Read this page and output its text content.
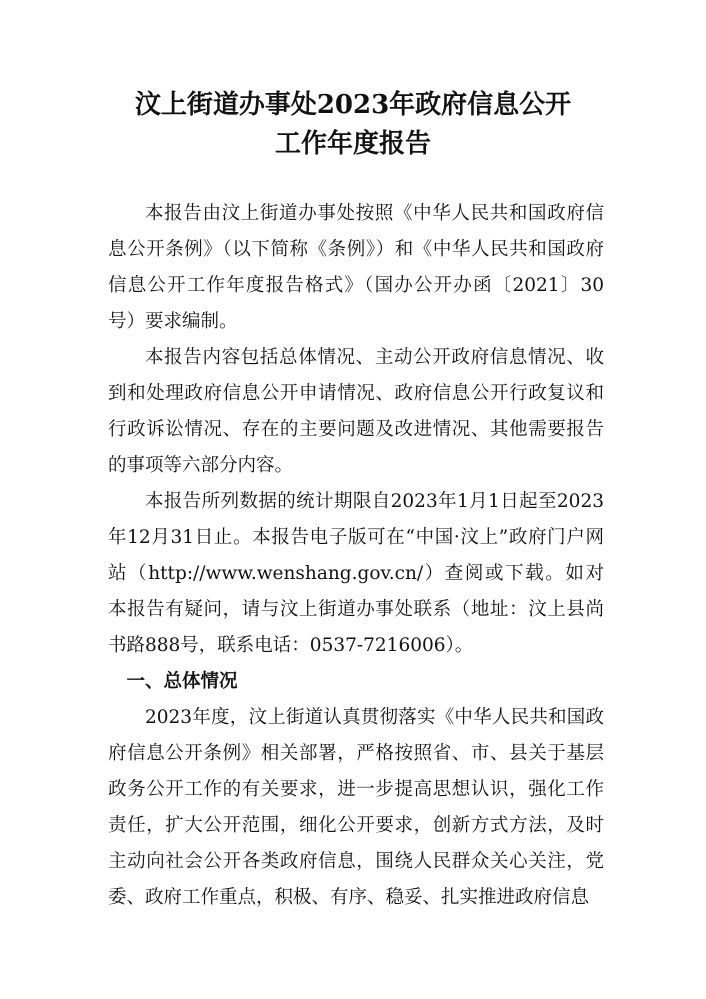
汶上街道办事处2023年政府信息公开
工作年度报告

本报告由汶上街道办事处按照《中华人民共和国政府信息公开条例》（以下简称《条例》）和《中华人民共和国政府信息公开工作年度报告格式》（国办公开办函〔2021〕30号）要求编制。

本报告内容包括总体情况、主动公开政府信息情况、收到和处理政府信息公开申请情况、政府信息公开行政复议和行政诉讼情况、存在的主要问题及改进情况、其他需要报告的事项等六部分内容。

本报告所列数据的统计期限自2023年1月1日起至2023年12月31日止。本报告电子版可在“中国·汶上”政府门户网站（http://www.wenshang.gov.cn/）查阅或下载。如对本报告有疑问，请与汶上街道办事处联系（地址：汶上县尚书路888号，联系电话：0537-7216006）。

一、总体情况

2023年度，汶上街道认真贯彻落实《中华人民共和国政府信息公开条例》相关部署，严格按照省、市、县关于基层政务公开工作的有关要求，进一步提高思想认识，强化工作责任，扩大公开范围，细化公开要求，创新方式方法，及时主动向社会公开各类政府信息，围绕人民群众关心关注，党委、政府工作重点，积极、有序、稳妥、扎实推进政府信息
